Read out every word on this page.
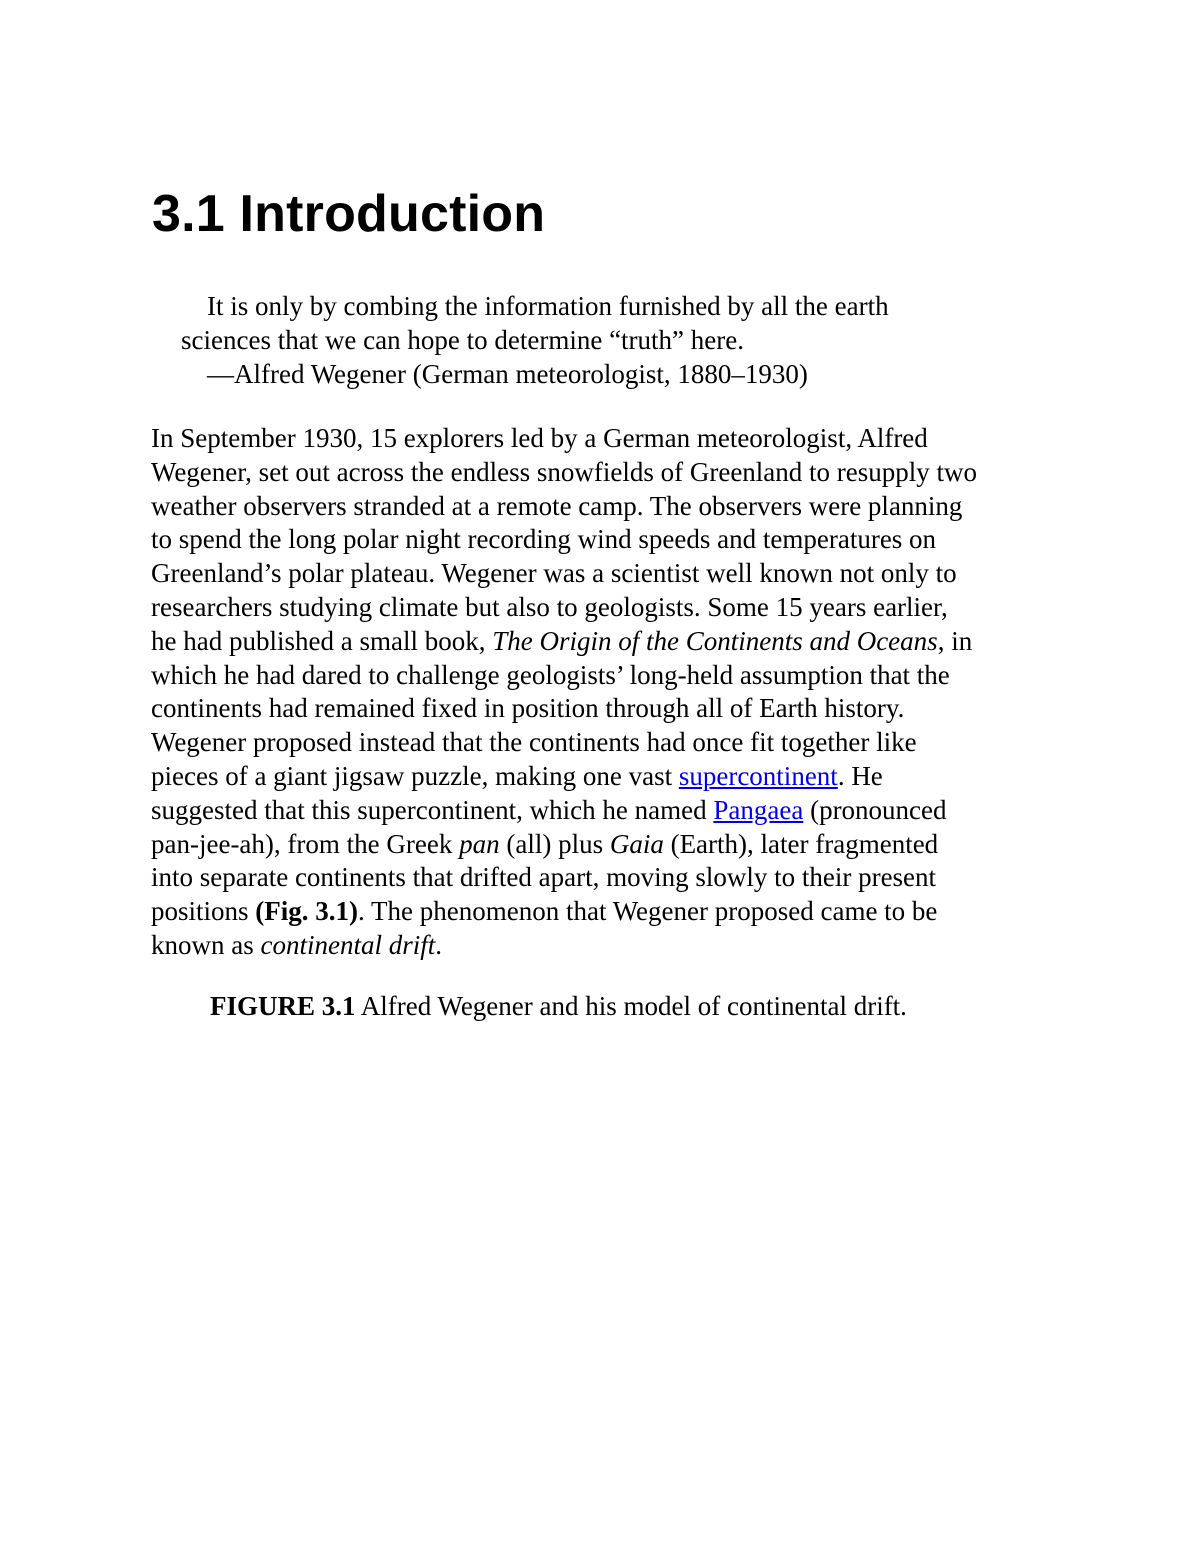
3.1 Introduction

It is only by combing the information furnished by all the earth
sciences that we can hope to determine “truth” here.
—Alfred Wegener (German meteorologist, 1880–1930)

In September 1930, 15 explorers led by a German meteorologist, Alfred
Wegener, set out across the endless snowfields of Greenland to resupply two
weather observers stranded at a remote camp. The observers were planning
to spend the long polar night recording wind speeds and temperatures on
Greenland’s polar plateau. Wegener was a scientist well known not only to
researchers studying climate but also to geologists. Some 15 years earlier,
he had published a small book, The Origin of the Continents and Oceans, in
which he had dared to challenge geologists’ long-held assumption that the
continents had remained fixed in position through all of Earth history.
Wegener proposed instead that the continents had once fit together like
pieces of a giant jigsaw puzzle, making one vast supercontinent. He
suggested that this supercontinent, which he named Pangaea (pronounced
pan-jee-ah), from the Greek pan (all) plus Gaia (Earth), later fragmented
into separate continents that drifted apart, moving slowly to their present
positions (Fig. 3.1). The phenomenon that Wegener proposed came to be
known as continental drift.

FIGURE 3.1 Alfred Wegener and his model of continental drift.
